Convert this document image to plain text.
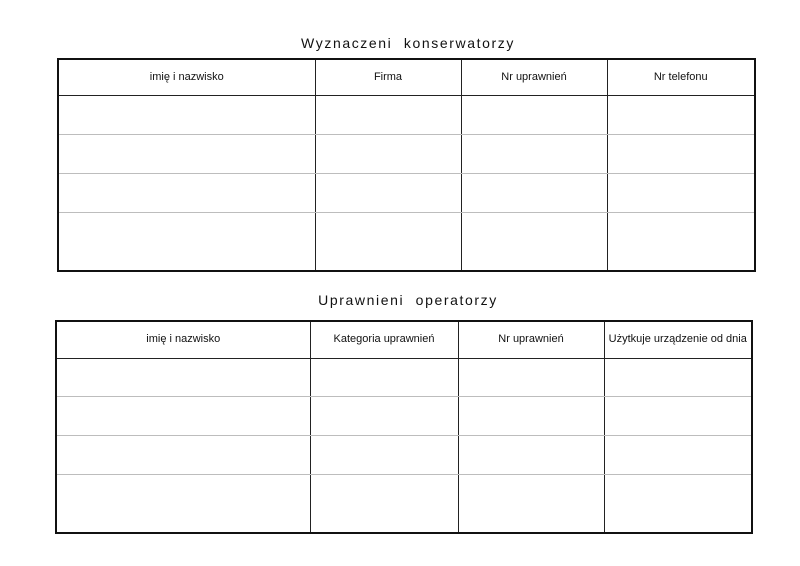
Wyznaczeni konserwatorzy
imię i nazwisko	Firma	Nr uprawnień	Nr telefonu

Uprawnieni operatorzy
imię i nazwisko	Kategoria uprawnień	Nr uprawnień	Użytkuje urządzenie od dnia
